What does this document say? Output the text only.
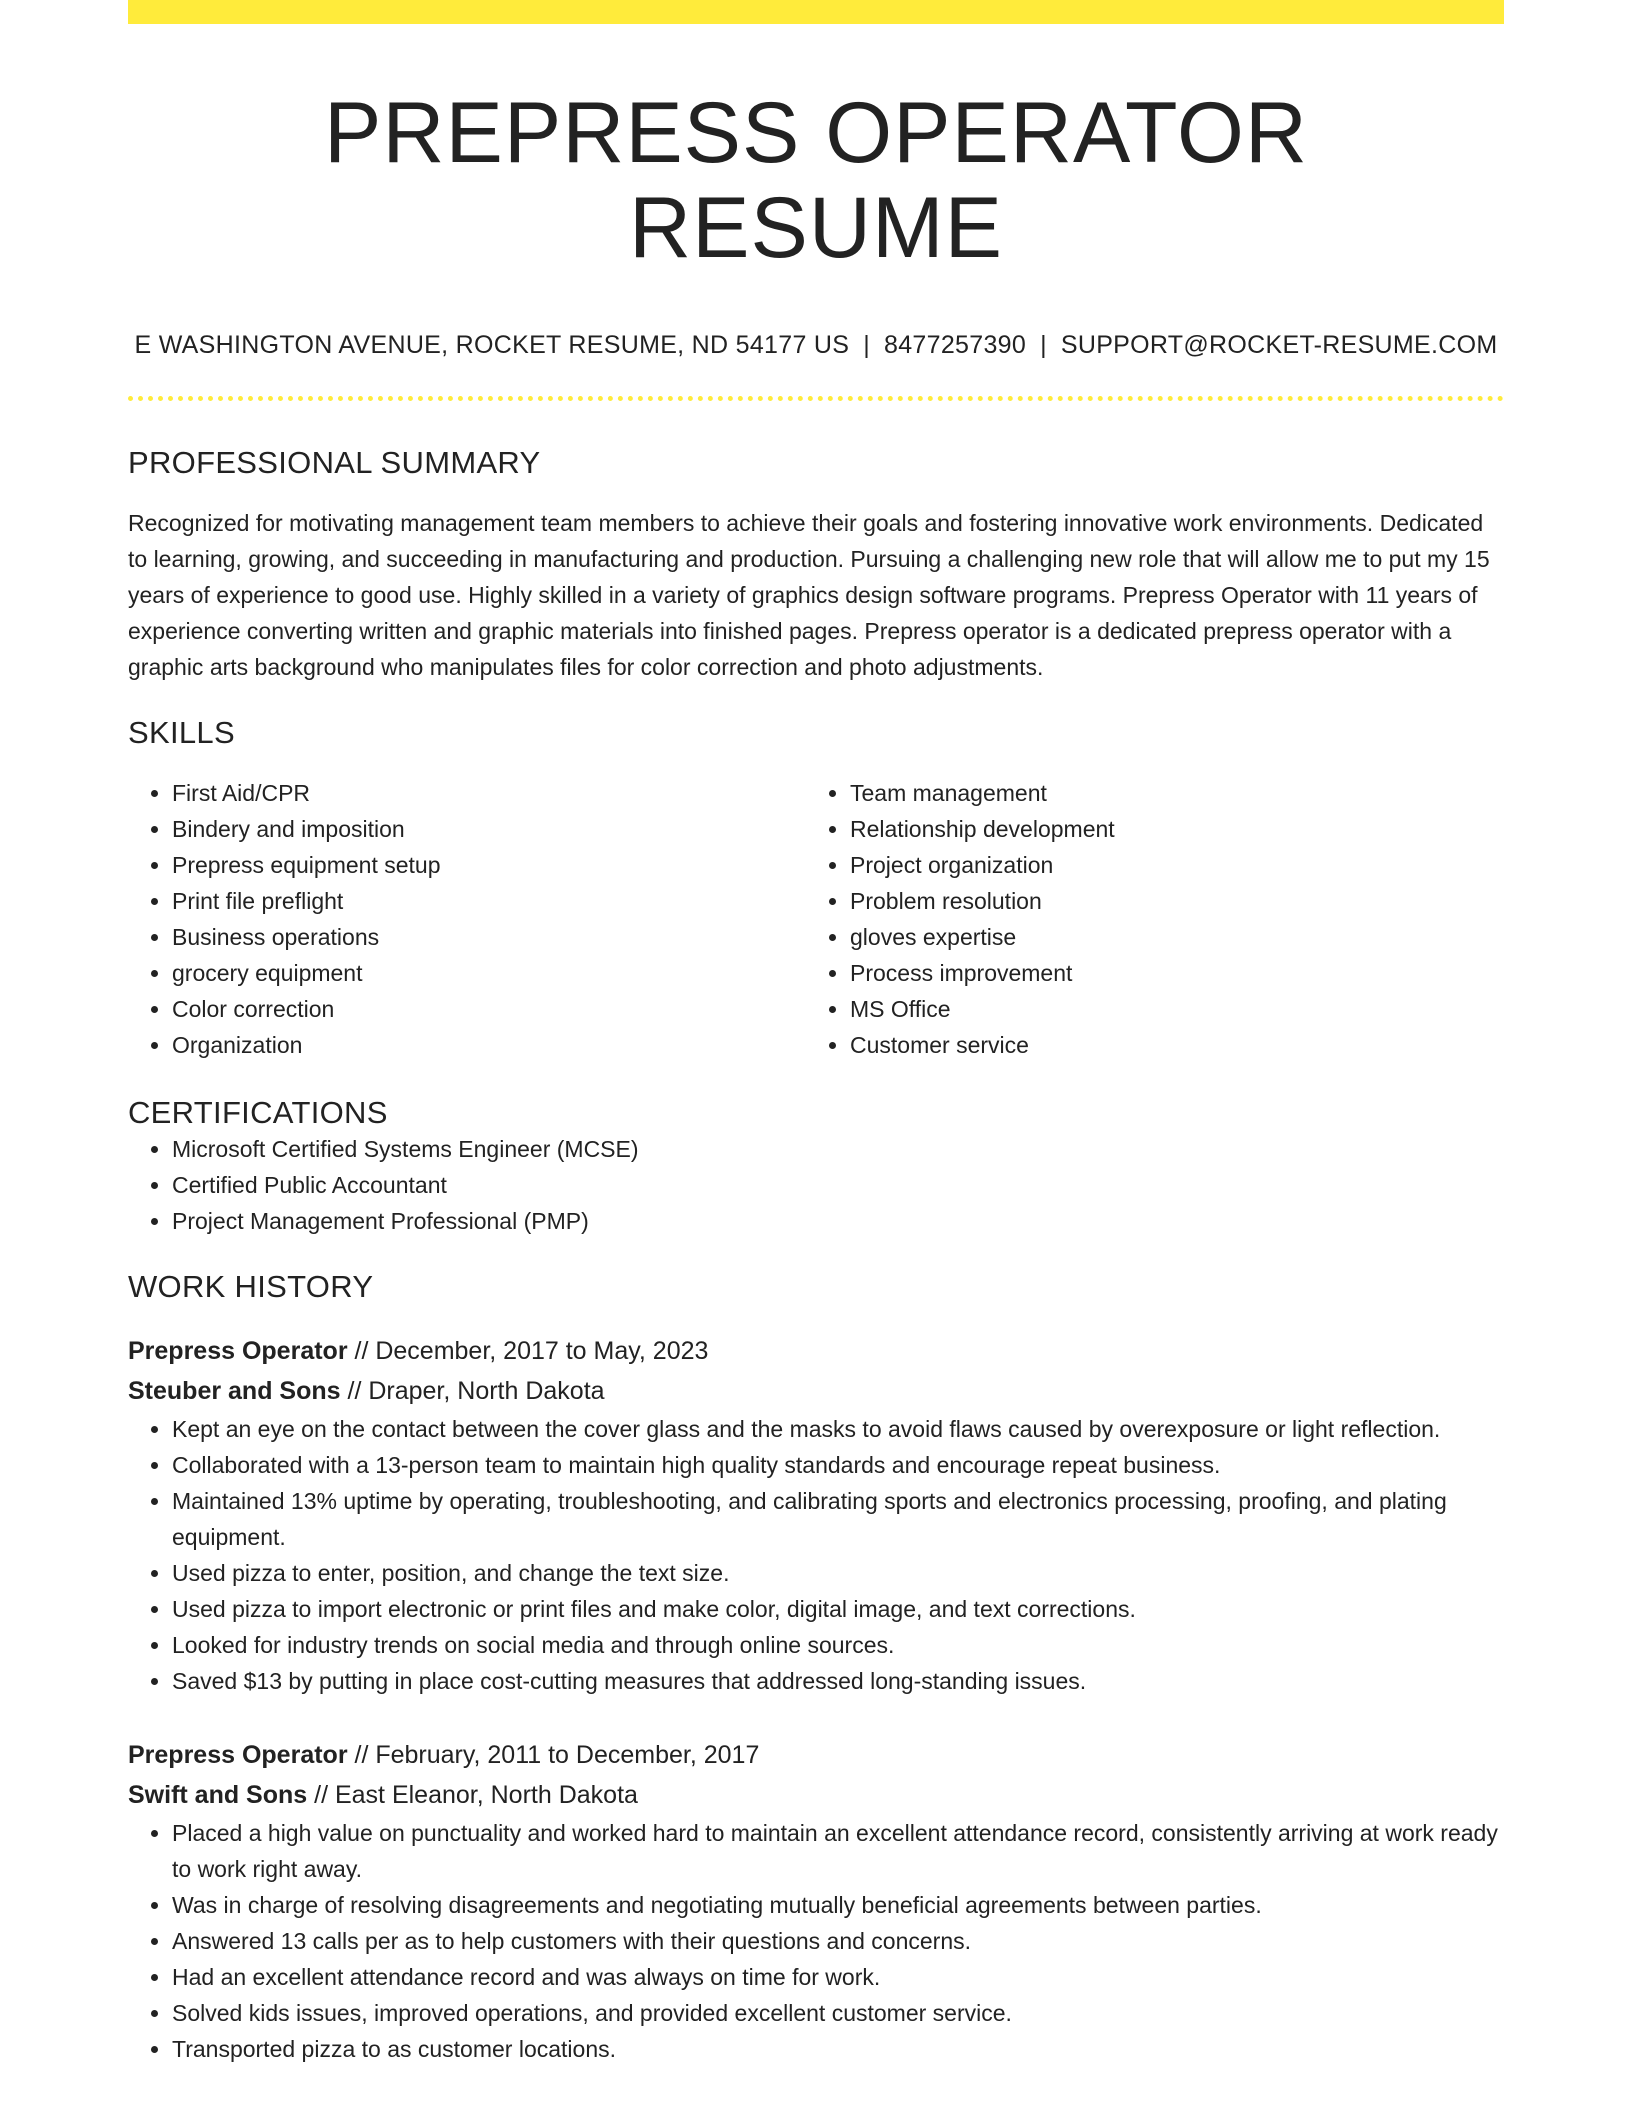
PREPRESS OPERATOR RESUME
E WASHINGTON AVENUE, ROCKET RESUME, ND 54177 US | 8477257390 | SUPPORT@ROCKET-RESUME.COM
PROFESSIONAL SUMMARY
Recognized for motivating management team members to achieve their goals and fostering innovative work environments. Dedicated to learning, growing, and succeeding in manufacturing and production. Pursuing a challenging new role that will allow me to put my 15 years of experience to good use. Highly skilled in a variety of graphics design software programs. Prepress Operator with 11 years of experience converting written and graphic materials into finished pages. Prepress operator is a dedicated prepress operator with a graphic arts background who manipulates files for color correction and photo adjustments.
SKILLS
• First Aid/CPR
• Bindery and imposition
• Prepress equipment setup
• Print file preflight
• Business operations
• grocery equipment
• Color correction
• Organization
• Team management
• Relationship development
• Project organization
• Problem resolution
• gloves expertise
• Process improvement
• MS Office
• Customer service
CERTIFICATIONS
• Microsoft Certified Systems Engineer (MCSE)
• Certified Public Accountant
• Project Management Professional (PMP)
WORK HISTORY
Prepress Operator // December, 2017 to May, 2023
Steuber and Sons // Draper, North Dakota
• Kept an eye on the contact between the cover glass and the masks to avoid flaws caused by overexposure or light reflection.
• Collaborated with a 13-person team to maintain high quality standards and encourage repeat business.
• Maintained 13% uptime by operating, troubleshooting, and calibrating sports and electronics processing, proofing, and plating equipment.
• Used pizza to enter, position, and change the text size.
• Used pizza to import electronic or print files and make color, digital image, and text corrections.
• Looked for industry trends on social media and through online sources.
• Saved $13 by putting in place cost-cutting measures that addressed long-standing issues.
Prepress Operator // February, 2011 to December, 2017
Swift and Sons // East Eleanor, North Dakota
• Placed a high value on punctuality and worked hard to maintain an excellent attendance record, consistently arriving at work ready to work right away.
• Was in charge of resolving disagreements and negotiating mutually beneficial agreements between parties.
• Answered 13 calls per as to help customers with their questions and concerns.
• Had an excellent attendance record and was always on time for work.
• Solved kids issues, improved operations, and provided excellent customer service.
• Transported pizza to as customer locations.
